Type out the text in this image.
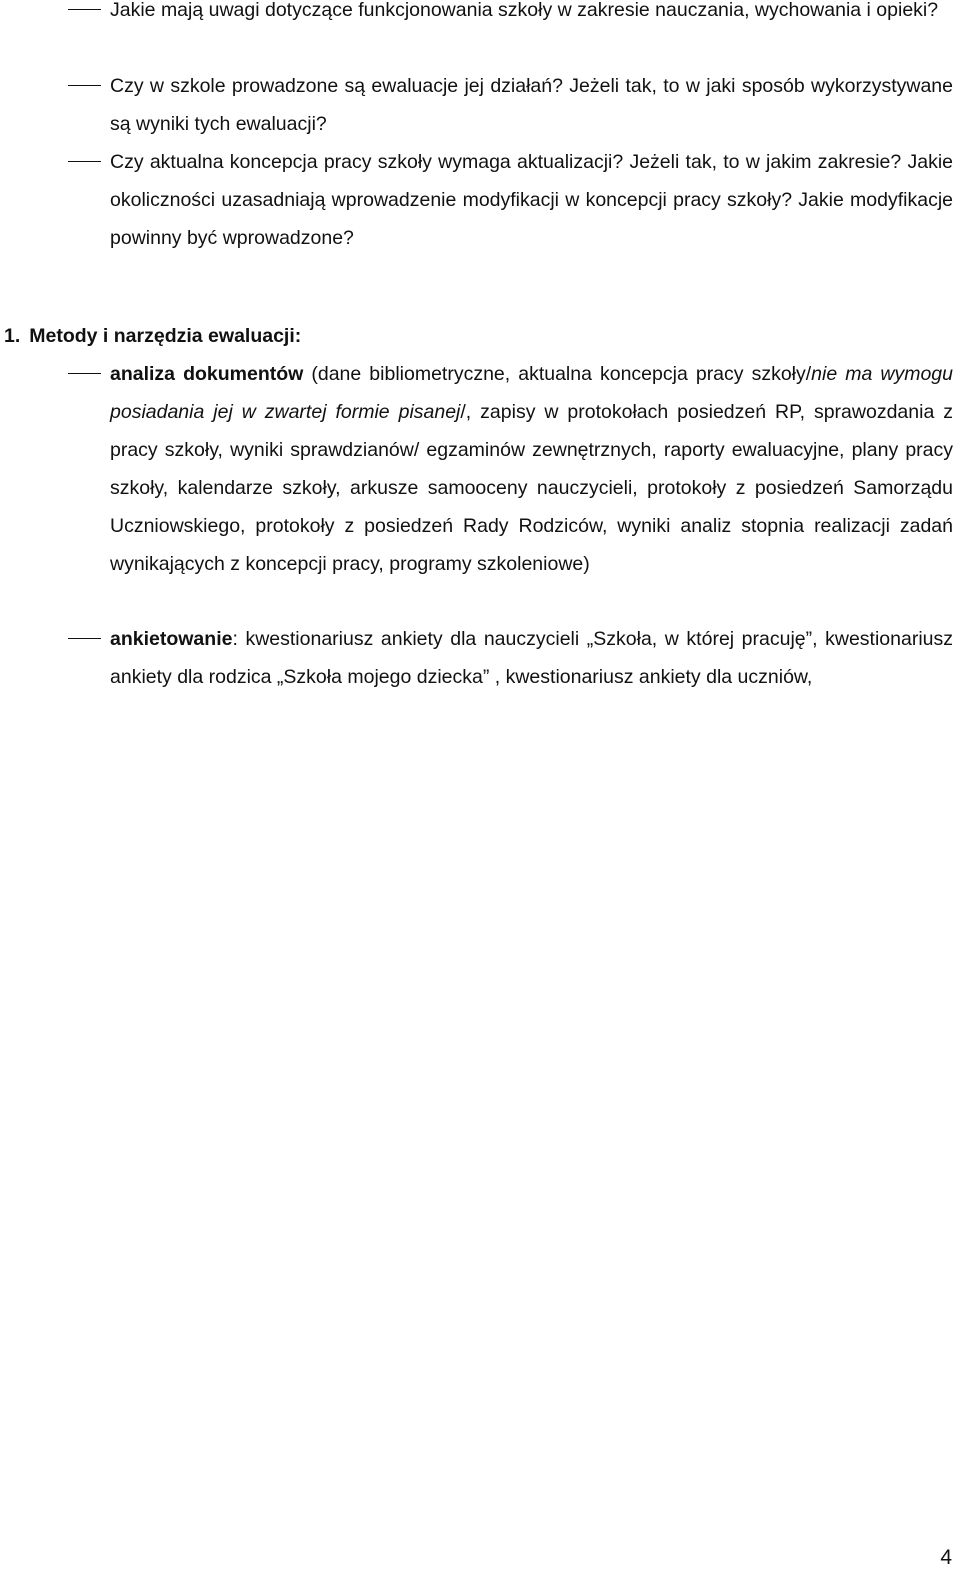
Jakie mają uwagi dotyczące funkcjonowania szkoły w zakresie nauczania, wychowania i opieki?
Czy w szkole prowadzone są ewaluacje jej działań? Jeżeli tak, to w jaki sposób wykorzystywane są wyniki tych ewaluacji?
Czy aktualna koncepcja pracy szkoły wymaga aktualizacji? Jeżeli tak, to w jakim zakresie? Jakie okoliczności uzasadniają wprowadzenie modyfikacji w koncepcji pracy szkoły? Jakie modyfikacje powinny być wprowadzone?
1. Metody i narzędzia ewaluacji:
analiza dokumentów (dane bibliometryczne, aktualna koncepcja pracy szkoły/nie ma wymogu posiadania jej w zwartej formie pisanej/, zapisy w protokołach posiedzeń RP, sprawozdania z pracy szkoły, wyniki sprawdzianów/ egzaminów zewnętrznych, raporty ewaluacyjne, plany pracy szkoły, kalendarze szkoły, arkusze samooceny nauczycieli, protokoły z posiedzeń Samorządu Uczniowskiego, protokoły z posiedzeń Rady Rodziców, wyniki analiz stopnia realizacji zadań wynikających z koncepcji pracy, programy szkoleniowe)
ankietowanie: kwestionariusz ankiety dla nauczycieli „Szkoła, w której pracuję”, kwestionariusz ankiety dla rodzica „Szkoła mojego dziecka” , kwestionariusz ankiety dla uczniów,
4
